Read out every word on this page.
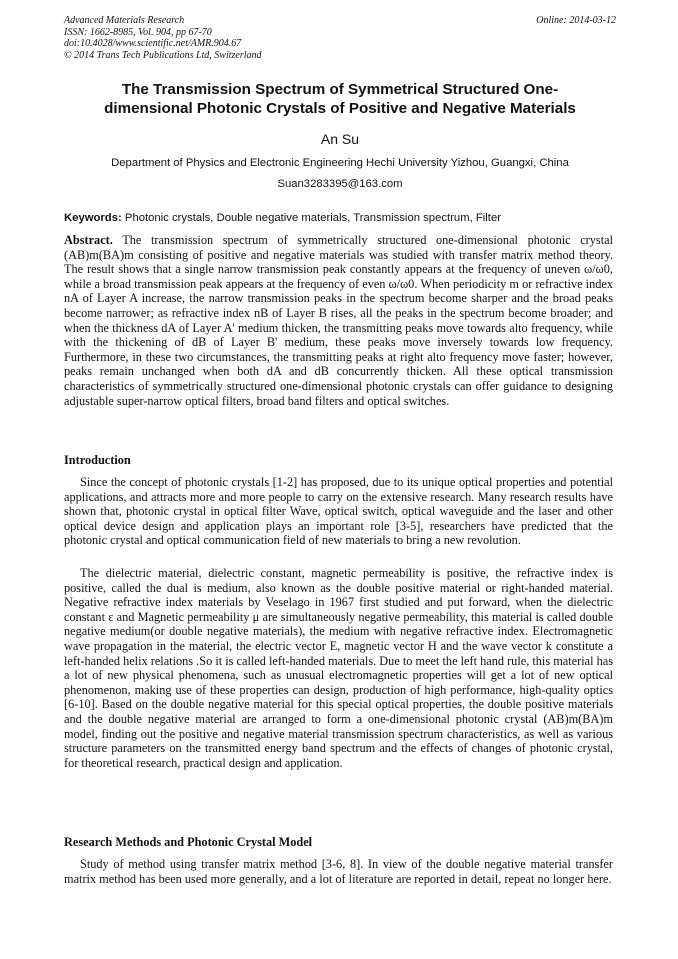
Advanced Materials Research
ISSN: 1662-8985, Vol. 904, pp 67-70
doi:10.4028/www.scientific.net/AMR.904.67
© 2014 Trans Tech Publications Ltd, Switzerland
Online: 2014-03-12
The Transmission Spectrum of Symmetrical Structured One-
dimensional Photonic Crystals of Positive and Negative Materials
An Su
Department of Physics and Electronic Engineering Hechi University Yizhou, Guangxi, China
Suan3283395@163.com
Keywords: Photonic crystals, Double negative materials, Transmission spectrum, Filter
Abstract. The transmission spectrum of symmetrically structured one-dimensional photonic crystal (AB)m(BA)m consisting of positive and negative materials was studied with transfer matrix method theory. The result shows that a single narrow transmission peak constantly appears at the frequency of uneven ω/ω0, while a broad transmission peak appears at the frequency of even ω/ω0. When periodicity m or refractive index nA of Layer A increase, the narrow transmission peaks in the spectrum become sharper and the broad peaks become narrower; as refractive index nB of Layer B rises, all the peaks in the spectrum become broader; and when the thickness dA of Layer A' medium thicken, the transmitting peaks move towards alto frequency, while with the thickening of dB of Layer B' medium, these peaks move inversely towards low frequency. Furthermore, in these two circumstances, the transmitting peaks at right alto frequency move faster; however, peaks remain unchanged when both dA and dB concurrently thicken. All these optical transmission characteristics of symmetrically structured one-dimensional photonic crystals can offer guidance to designing adjustable super-narrow optical filters, broad band filters and optical switches.
Introduction
Since the concept of photonic crystals [1-2] has proposed, due to its unique optical properties and potential applications, and attracts more and more people to carry on the extensive research. Many research results have shown that, photonic crystal in optical filter Wave, optical switch, optical waveguide and the laser and other optical device design and application plays an important role [3-5], researchers have predicted that the photonic crystal and optical communication field of new materials to bring a new revolution.
The dielectric material, dielectric constant, magnetic permeability is positive, the refractive index is positive, called the dual is medium, also known as the double positive material or right-handed material. Negative refractive index materials by Veselago in 1967 first studied and put forward, when the dielectric constant ε and Magnetic permeability μ are simultaneously negative permeability, this material is called double negative medium(or double negative materials), the medium with negative refractive index. Electromagnetic wave propagation in the material, the electric vector E, magnetic vector H and the wave vector k constitute a left-handed helix relations .So it is called left-handed materials. Due to meet the left hand rule, this material has a lot of new physical phenomena, such as unusual electromagnetic properties will get a lot of new optical phenomenon, making use of these properties can design, production of high performance, high-quality optics [6-10]. Based on the double negative material for this special optical properties, the double positive materials and the double negative material are arranged to form a one-dimensional photonic crystal (AB)m(BA)m model, finding out the positive and negative material transmission spectrum characteristics, as well as various structure parameters on the transmitted energy band spectrum and the effects of changes of photonic crystal, for theoretical research, practical design and application.
Research Methods and Photonic Crystal Model
Study of method using transfer matrix method [3-6, 8]. In view of the double negative material transfer matrix method has been used more generally, and a lot of literature are reported in detail, repeat no longer here.
